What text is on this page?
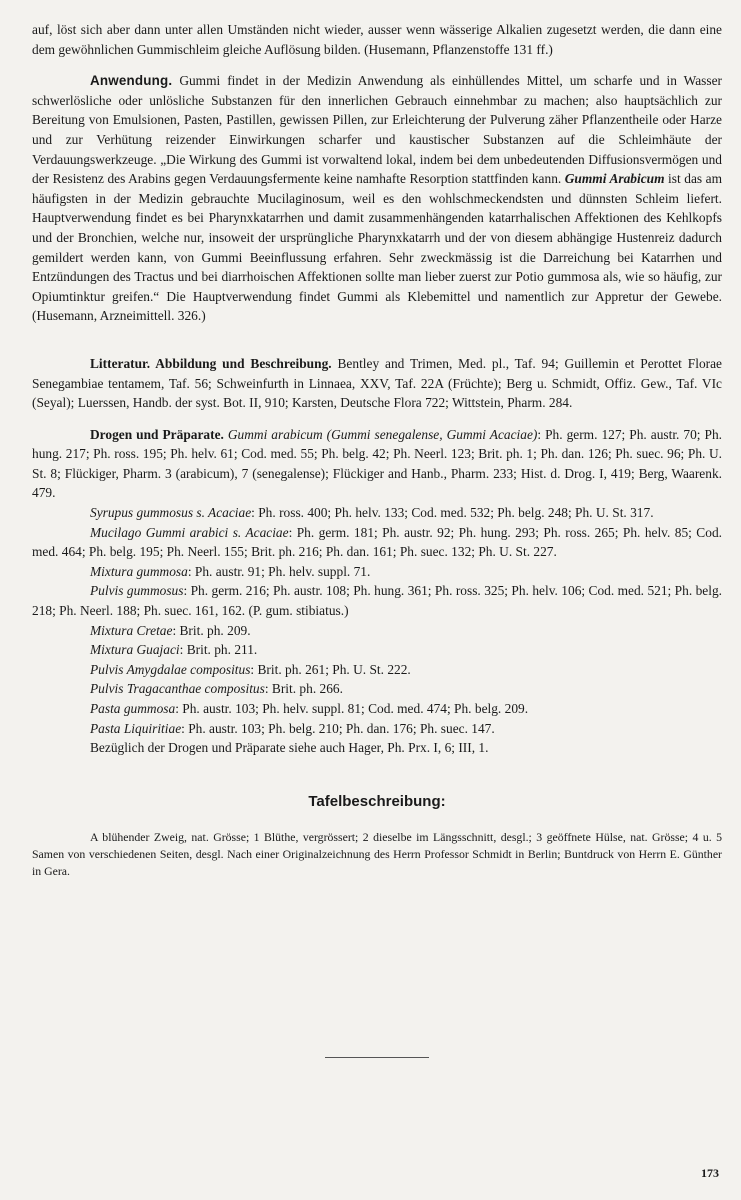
auf, löst sich aber dann unter allen Umständen nicht wieder, ausser wenn wässerige Alkalien zugesetzt werden, die dann eine dem gewöhnlichen Gummischleim gleiche Auflösung bilden. (Husemann, Pflanzenstoffe 131 ff.)

Anwendung. Gummi findet in der Medizin Anwendung als einhüllendes Mittel, um scharfe und in Wasser schwerlösliche oder unlösliche Substanzen für den innerlichen Gebrauch einnehmbar zu machen; also hauptsächlich zur Bereitung von Emulsionen, Pasten, Pastillen, gewissen Pillen, zur Erleichterung der Pulverung zäher Pflanzentheile oder Harze und zur Verhütung reizender Einwirkungen scharfer und kaustischer Substanzen auf die Schleimhäute der Verdauungswerkzeuge. „Die Wirkung des Gummi ist vorwaltend lokal, indem bei dem unbedeutenden Diffusionsvermögen und der Resistenz des Arabins gegen Verdauungsfermente keine namhafte Resorption stattfinden kann. Gummi Arabicum ist das am häufigsten in der Medizin gebrauchte Mucilaginosum, weil es den wohlschmeckendsten und dünnsten Schleim liefert. Hauptverwendung findet es bei Pharynxkatarrhen und damit zusammenhängenden katarrhalischen Affektionen des Kehlkopfs und der Bronchien, welche nur, insoweit der ursprüngliche Pharynxkatarrh und der von diesem abhängige Hustenreiz dadurch gemildert werden kann, von Gummi Beeinflussung erfahren. Sehr zweckmässig ist die Darreichung bei Katarrhen und Entzündungen des Tractus und bei diarrhoischen Affektionen sollte man lieber zuerst zur Potio gummosa als, wie so häufig, zur Opiumtinktur greifen.“ Die Hauptverwendung findet Gummi als Klebemittel und namentlich zur Appretur der Gewebe. (Husemann, Arzneimittell. 326.)

Litteratur. Abbildung und Beschreibung. Bentley and Trimen, Med. pl., Taf. 94; Guillemin et Perottet Florae Senegambiae tentamem, Taf. 56; Schweinfurth in Linnaea, XXV, Taf. 22A (Früchte); Berg u. Schmidt, Offiz. Gew., Taf. VIc (Seyal); Luerssen, Handb. der syst. Bot. II, 910; Karsten, Deutsche Flora 722; Wittstein, Pharm. 284.

Drogen und Präparate. Gummi arabicum (Gummi senegalense, Gummi Acaciae): Ph. germ. 127; Ph. austr. 70; Ph. hung. 217; Ph. ross. 195; Ph. helv. 61; Cod. med. 55; Ph. belg. 42; Ph. Neerl. 123; Brit. ph. 1; Ph. dan. 126; Ph. suec. 96; Ph. U. St. 8; Flückiger, Pharm. 3 (arabicum), 7 (senegalense); Flückiger and Hanb., Pharm. 233; Hist. d. Drog. I, 419; Berg, Waarenk. 479.

Syrupus gummosus s. Acaciae: Ph. ross. 400; Ph. helv. 133; Cod. med. 532; Ph. belg. 248; Ph. U. St. 317.

Mucilago Gummi arabici s. Acaciae: Ph. germ. 181; Ph. austr. 92; Ph. hung. 293; Ph. ross. 265; Ph. helv. 85; Cod. med. 464; Ph. belg. 195; Ph. Neerl. 155; Brit. ph. 216; Ph. dan. 161; Ph. suec. 132; Ph. U. St. 227.

Mixtura gummosa: Ph. austr. 91; Ph. helv. suppl. 71.

Pulvis gummosus: Ph. germ. 216; Ph. austr. 108; Ph. hung. 361; Ph. ross. 325; Ph. helv. 106; Cod. med. 521; Ph. belg. 218; Ph. Neerl. 188; Ph. suec. 161, 162. (P. gum. stibiatus.)

Mixtura Cretae: Brit. ph. 209.

Mixtura Guajaci: Brit. ph. 211.

Pulvis Amygdalae compositus: Brit. ph. 261; Ph. U. St. 222.

Pulvis Tragacanthae compositus: Brit. ph. 266.

Pasta gummosa: Ph. austr. 103; Ph. helv. suppl. 81; Cod. med. 474; Ph. belg. 209.

Pasta Liquiritiae: Ph. austr. 103; Ph. belg. 210; Ph. dan. 176; Ph. suec. 147.

Bezüglich der Drogen und Präparate siehe auch Hager, Ph. Prx. I, 6; III, 1.

Tafelbeschreibung:

A blühender Zweig, nat. Grösse; 1 Blüthe, vergrössert; 2 dieselbe im Längsschnitt, desgl.; 3 geöffnete Hülse, nat. Grösse; 4 u. 5 Samen von verschiedenen Seiten, desgl. Nach einer Originalzeichnung des Herrn Professor Schmidt in Berlin; Buntdruck von Herrn E. Günther in Gera.

173
